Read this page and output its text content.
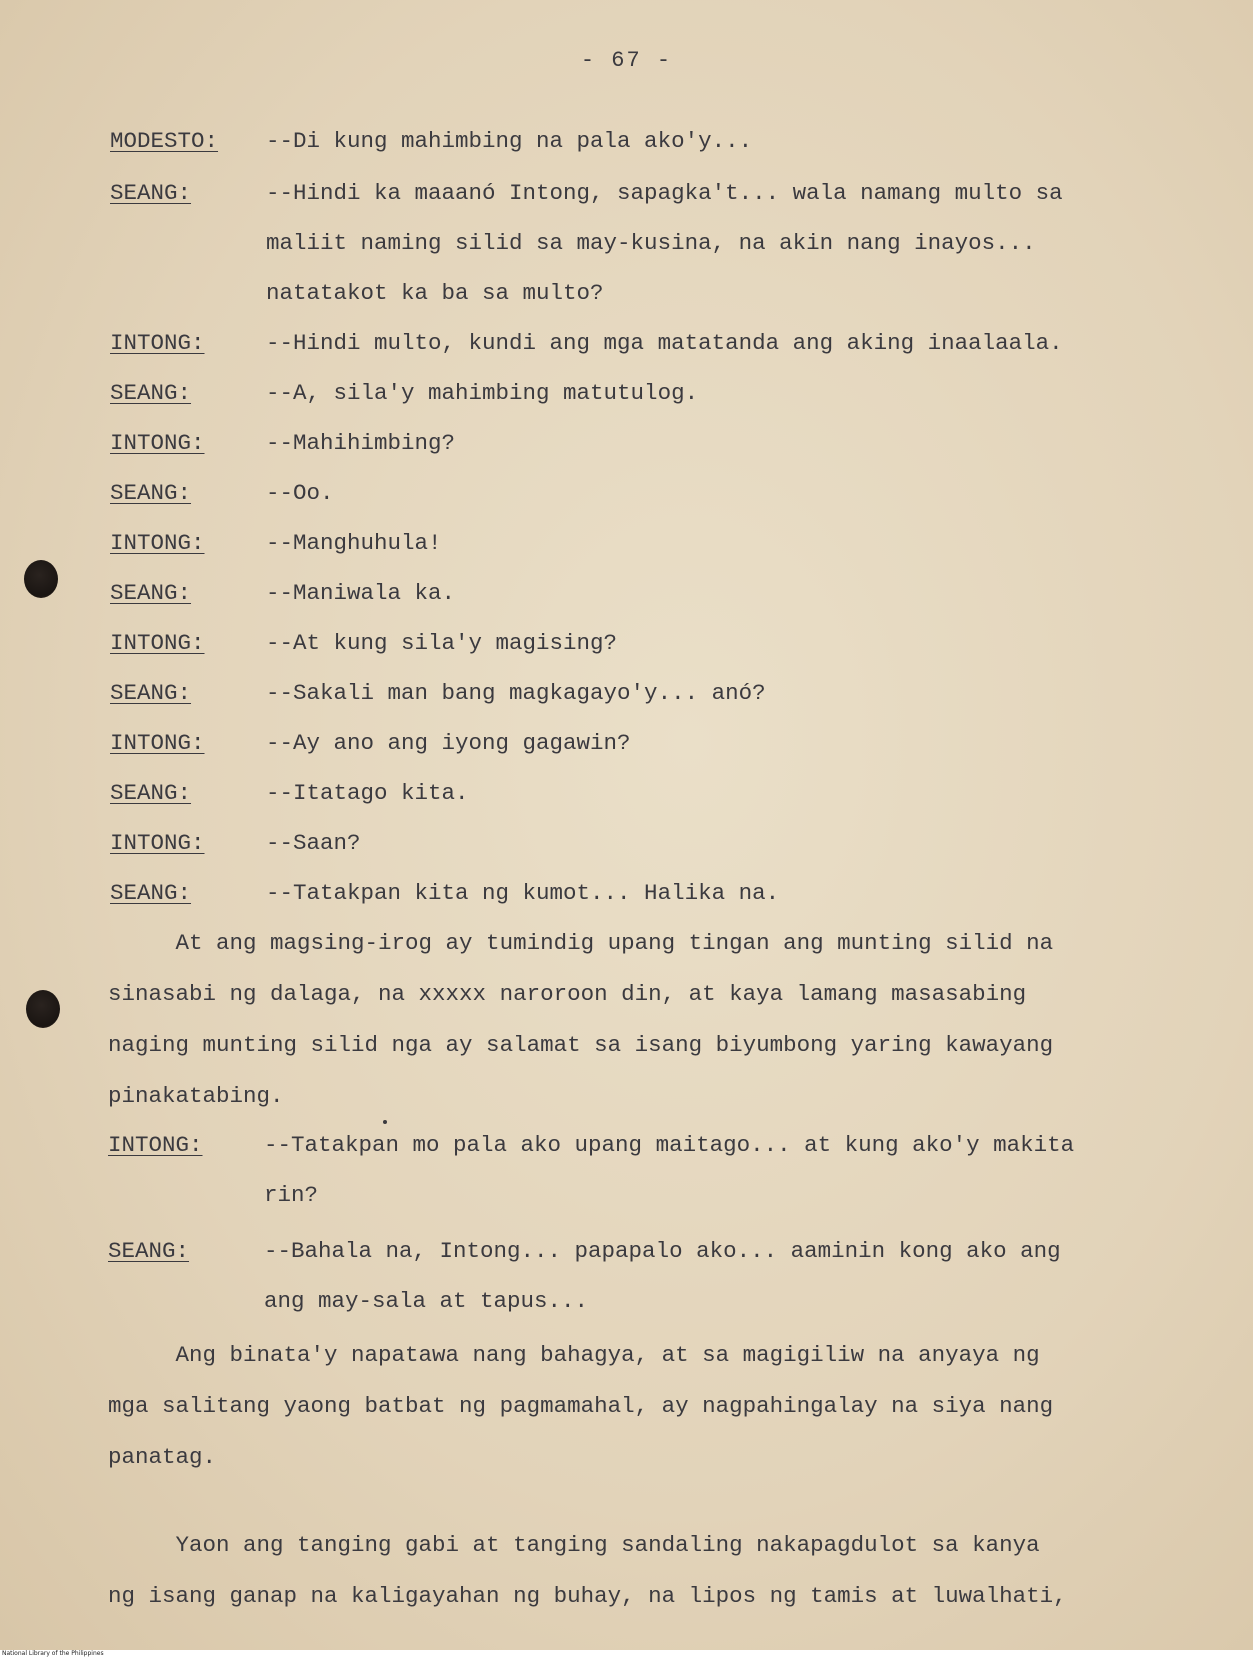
- 67 -
MODESTO: --Di kung mahimbing na pala ako'y...
SEANG:	--Hindi ka maaanó Intong, sapagka't... wala namang multo sa
maliit naming silid sa may-kusina, na akin nang inayos...
natatakot ka ba sa multo?
INTONG:	--Hindi multo, kundi ang mga matatanda ang aking inaalaala.
SEANG:	--A, sila'y mahimbing matutulog.
INTONG:	--Mahihimbing?
SEANG:	--Oo.
INTONG:	--Manghuhula!
SEANG:	--Maniwala ka.
INTONG:	--At kung sila'y magising?
SEANG:	--Sakali man bang magkagayo'y... anó?
INTONG:	--Ay ano ang iyong gagawin?
SEANG:	--Itatago kita.
INTONG:	--Saan?
SEANG:	--Tatakpan kita ng kumot... Halika na.
At ang magsing-irog ay tumindig upang tingan ang munting silid na
sinasabi ng dalaga, na xxxxx naroroon din, at kaya lamang masasabing
naging munting silid nga ay salamat sa isang biyumbong yaring kawayang
pinakatabing.
INTONG:	--Tatakpan mo pala ako upang maitago... at kung ako'y makita
rin?
SEANG:	--Bahala na, Intong... papapalo ako... aaminin kong ako ang
ang may-sala at tapus...
Ang binata'y napatawa nang bahagya, at sa magigiliw na anyaya ng
mga salitang yaong batbat ng pagmamahal, ay nagpahingalay na siya nang
panatag.
Yaon ang tanging gabi at tanging sandaling nakapagdulot sa kanya
ng isang ganap na kaligayahan ng buhay, na lipos ng tamis at luwalhati,
National Library of the Philippines
